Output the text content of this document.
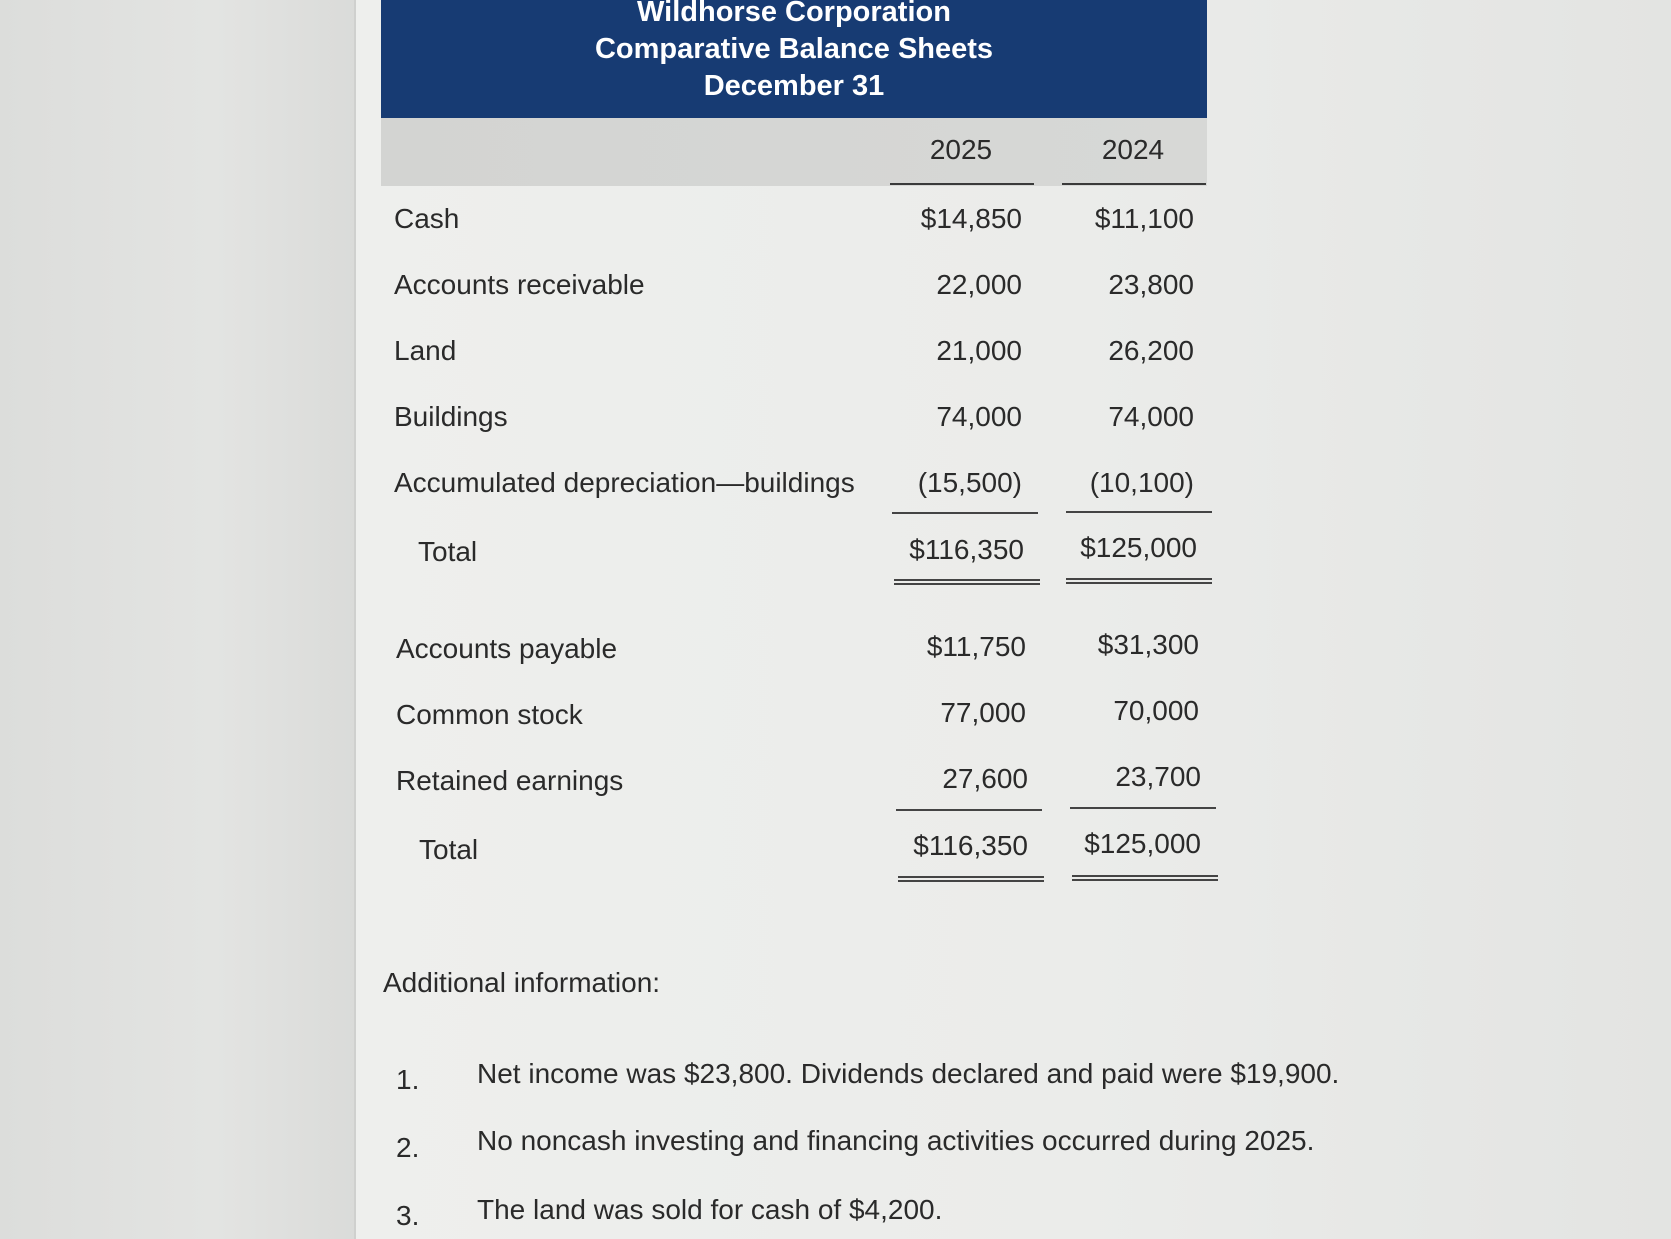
Wildhorse Corporation
Comparative Balance Sheets
December 31
2025	2024
Cash	$14,850	$11,100
Accounts receivable	22,000	23,800
Land	21,000	26,200
Buildings	74,000	74,000
Accumulated depreciation—buildings	(15,500)	(10,100)
Total	$116,350	$125,000
Accounts payable	$11,750	$31,300
Common stock	77,000	70,000
Retained earnings	27,600	23,700
Total	$116,350	$125,000
Additional information:
1. Net income was $23,800. Dividends declared and paid were $19,900.
2. No noncash investing and financing activities occurred during 2025.
3. The land was sold for cash of $4,200.
